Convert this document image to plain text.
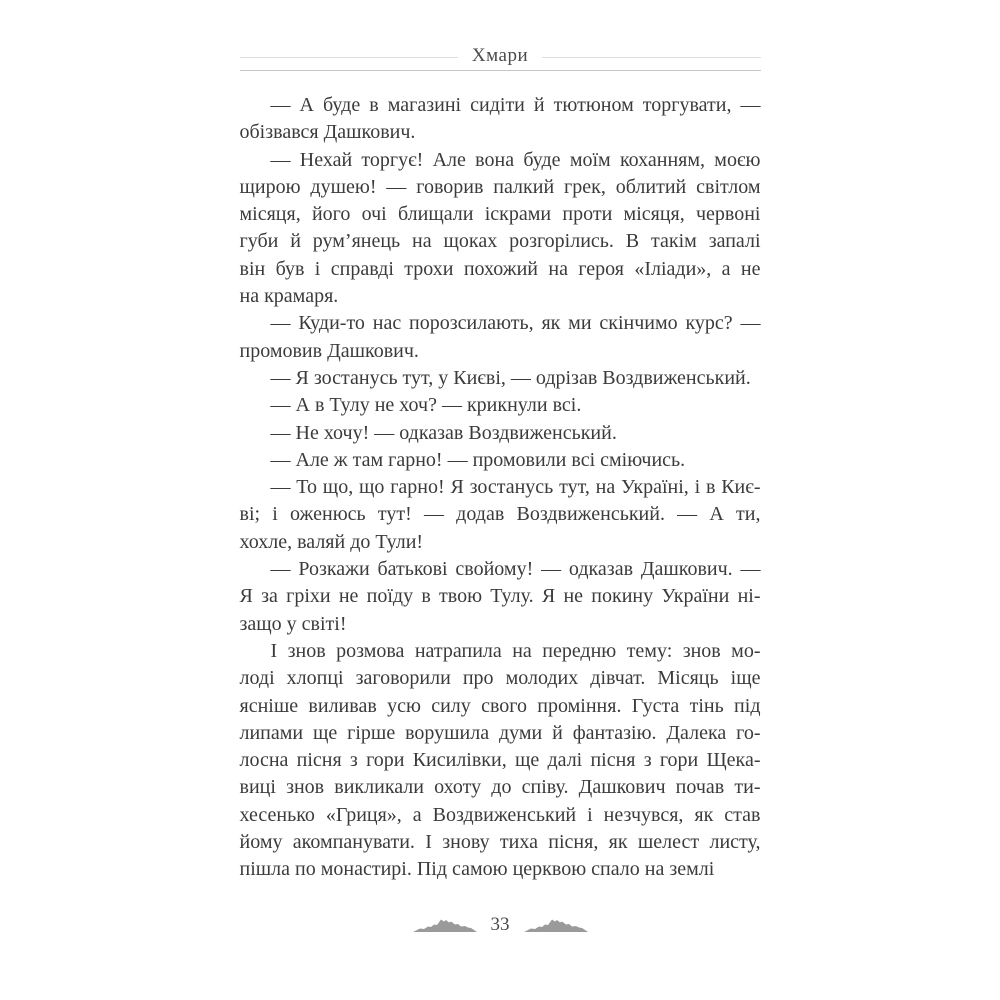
Хмари
— А буде в магазині сидіти й тютюном торгувати, —
обізвався Дашкович.
— Нехай торгує! Але вона буде моїм коханням, моєю
щирою душею! — говорив палкий грек, облитий світлом
місяця, його очі блищали іскрами проти місяця, червоні
губи й рум’янець на щоках розгорілись. В такім запалі
він був і справді трохи похожий на героя «Іліади», а не
на крамаря.
— Куди-то нас порозсилають, як ми скінчимо курс? —
промовив Дашкович.
— Я зостанусь тут, у Києві, — одрізав Воздвиженський.
— А в Тулу не хоч? — крикнули всі.
— Не хочу! — одказав Воздвиженський.
— Але ж там гарно! — промовили всі сміючись.
— То що, що гарно! Я зостанусь тут, на Україні, і в Киє-
ві; і оженюсь тут! — додав Воздвиженський. — А ти,
хохле, валяй до Тули!
— Розкажи батькові свойому! — одказав Дашкович. —
Я за гріхи не поїду в твою Тулу. Я не покину України ні-
защо у світі!
І знов розмова натрапила на передню тему: знов мо-
лоді хлопці заговорили про молодих дівчат. Місяць іще
ясніше виливав усю силу свого проміння. Густа тінь під
липами ще гірше ворушила думи й фантазію. Далека го-
лосна пісня з гори Кисилівки, ще далі пісня з гори Щека-
виці знов викликали охоту до співу. Дашкович почав ти-
хесенько «Гриця», а Воздвиженський і незчувся, як став
йому акомпанувати. І знову тиха пісня, як шелест листу,
пішла по монастирі. Під самою церквою спало на землі
33
